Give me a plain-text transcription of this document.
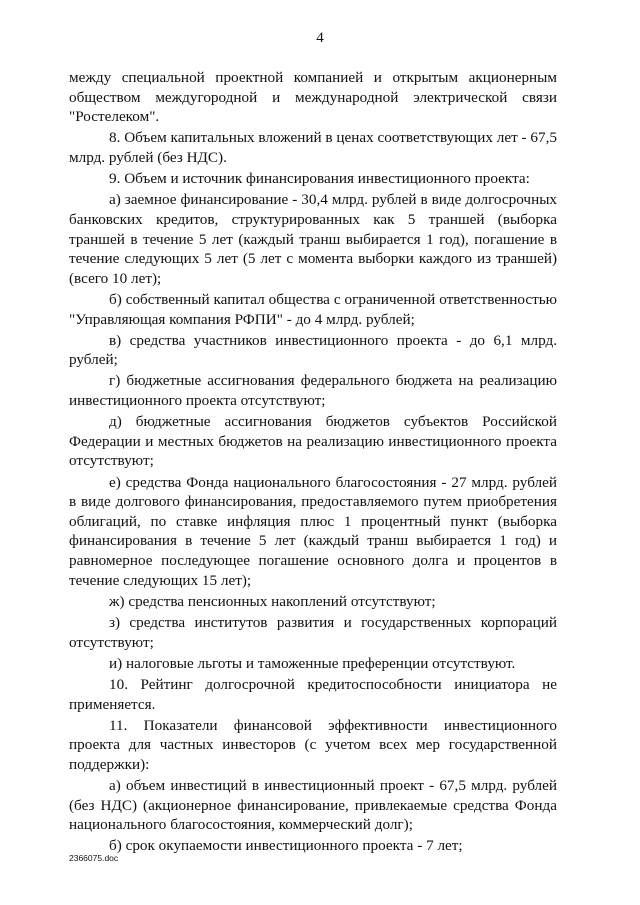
4

между специальной проектной компанией и открытым акционерным обществом междугородной и международной электрической связи "Ростелеком".

8. Объем капитальных вложений в ценах соответствующих лет - 67,5 млрд. рублей (без НДС).

9. Объем и источник финансирования инвестиционного проекта:

а) заемное финансирование - 30,4 млрд. рублей в виде долгосрочных банковских кредитов, структурированных как 5 траншей (выборка траншей в течение 5 лет (каждый транш выбирается 1 год), погашение в течение следующих 5 лет (5 лет с момента выборки каждого из траншей) (всего 10 лет);

б) собственный капитал общества с ограниченной ответственностью "Управляющая компания РФПИ" - до 4 млрд. рублей;

в) средства участников инвестиционного проекта - до 6,1 млрд. рублей;

г) бюджетные ассигнования федерального бюджета на реализацию инвестиционного проекта отсутствуют;

д) бюджетные ассигнования бюджетов субъектов Российской Федерации и местных бюджетов на реализацию инвестиционного проекта отсутствуют;

е) средства Фонда национального благосостояния - 27 млрд. рублей в виде долгового финансирования, предоставляемого путем приобретения облигаций, по ставке инфляция плюс 1 процентный пункт (выборка финансирования в течение 5 лет (каждый транш выбирается 1 год) и равномерное последующее погашение основного долга и процентов в течение следующих 15 лет);

ж) средства пенсионных накоплений отсутствуют;

з) средства институтов развития и государственных корпораций отсутствуют;

и) налоговые льготы и таможенные преференции отсутствуют.

10. Рейтинг долгосрочной кредитоспособности инициатора не применяется.

11. Показатели финансовой эффективности инвестиционного проекта для частных инвесторов (с учетом всех мер государственной поддержки):

а) объем инвестиций в инвестиционный проект - 67,5 млрд. рублей (без НДС) (акционерное финансирование, привлекаемые средства Фонда национального благосостояния, коммерческий долг);

б) срок окупаемости инвестиционного проекта - 7 лет;

2366075.doc
